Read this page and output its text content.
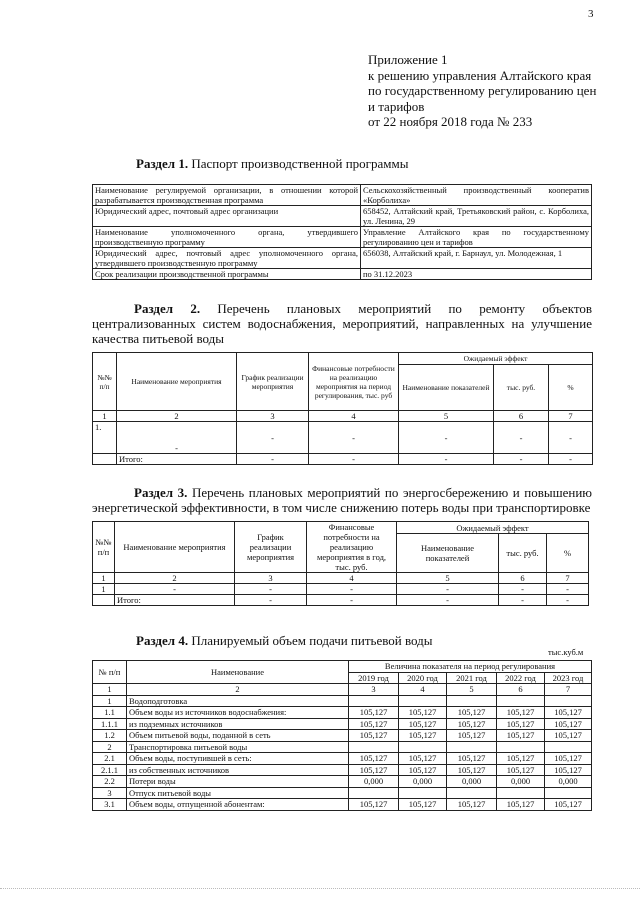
3
Приложение 1
к решению управления Алтайского края
по государственному регулированию цен
и тарифов
от 22 ноября 2018 года № 233
Раздел 1. Паспорт производственной программы
Наименование регулируемой организации, в отношении которой разрабатывается производственная программа	Сельскохозяйственный производственный кооператив «Корболиха»
Юридический адрес, почтовый адрес организации	658452, Алтайский край, Третьяковский район, с. Корболиха, ул. Ленина, 29
Наименование уполномоченного органа, утвердившего производственную программу	Управление Алтайского края по государственному регулированию цен и тарифов
Юридический адрес, почтовый адрес уполномоченного органа, утвердившего производственную программу	656038, Алтайский край, г. Барнаул, ул. Молодежная, 1
Срок реализации производственной программы	по 31.12.2023
Раздел 2. Перечень плановых мероприятий по ремонту объектов централизованных систем водоснабжения, мероприятий, направленных на улучшение качества питьевой воды
№№ п/п	Наименование мероприятия	График реализации мероприятия	Финансовые потребности на реализацию мероприятия на период регулирования, тыс. руб	Ожидаемый эффект		
				Наименование показателей	тыс. руб.	%
1	2	3	4	5	6	7
1.	-	-	-	-	-	-
	Итого:	-	-	-	-	-
Раздел 3. Перечень плановых мероприятий по энергосбережению и повышению энергетической эффективности, в том числе снижению потерь воды при транспортировке
№№ п/п	Наименование мероприятия	График реализации мероприятия	Финансовые потребности на реализацию мероприятия в год, тыс. руб.	Ожидаемый эффект		
				Наименование показателей	тыс. руб.	%
1	2	3	4	5	6	7
1	-	-	-	-	-	-
	Итого:	-	-	-	-	-
Раздел 4. Планируемый объем подачи питьевой воды
тыс.куб.м
№ п/п	Наименование	Величина показателя на период регулирования				
		2019 год	2020 год	2021 год	2022 год	2023 год
1	2	3	4	5	6	7
1	Водоподготовка					
1.1	Объем воды из источников водоснабжения:	105,127	105,127	105,127	105,127	105,127
1.1.1	из подземных источников	105,127	105,127	105,127	105,127	105,127
1.2	Объем питьевой воды, поданной в сеть	105,127	105,127	105,127	105,127	105,127
2	Транспортировка питьевой воды					
2.1	Объем воды, поступившей в сеть:	105,127	105,127	105,127	105,127	105,127
2.1.1	из собственных источников	105,127	105,127	105,127	105,127	105,127
2.2	Потери воды	0,000	0,000	0,000	0,000	0,000
3	Отпуск питьевой воды					
3.1	Объем воды, отпущенной абонентам:	105,127	105,127	105,127	105,127	105,127
